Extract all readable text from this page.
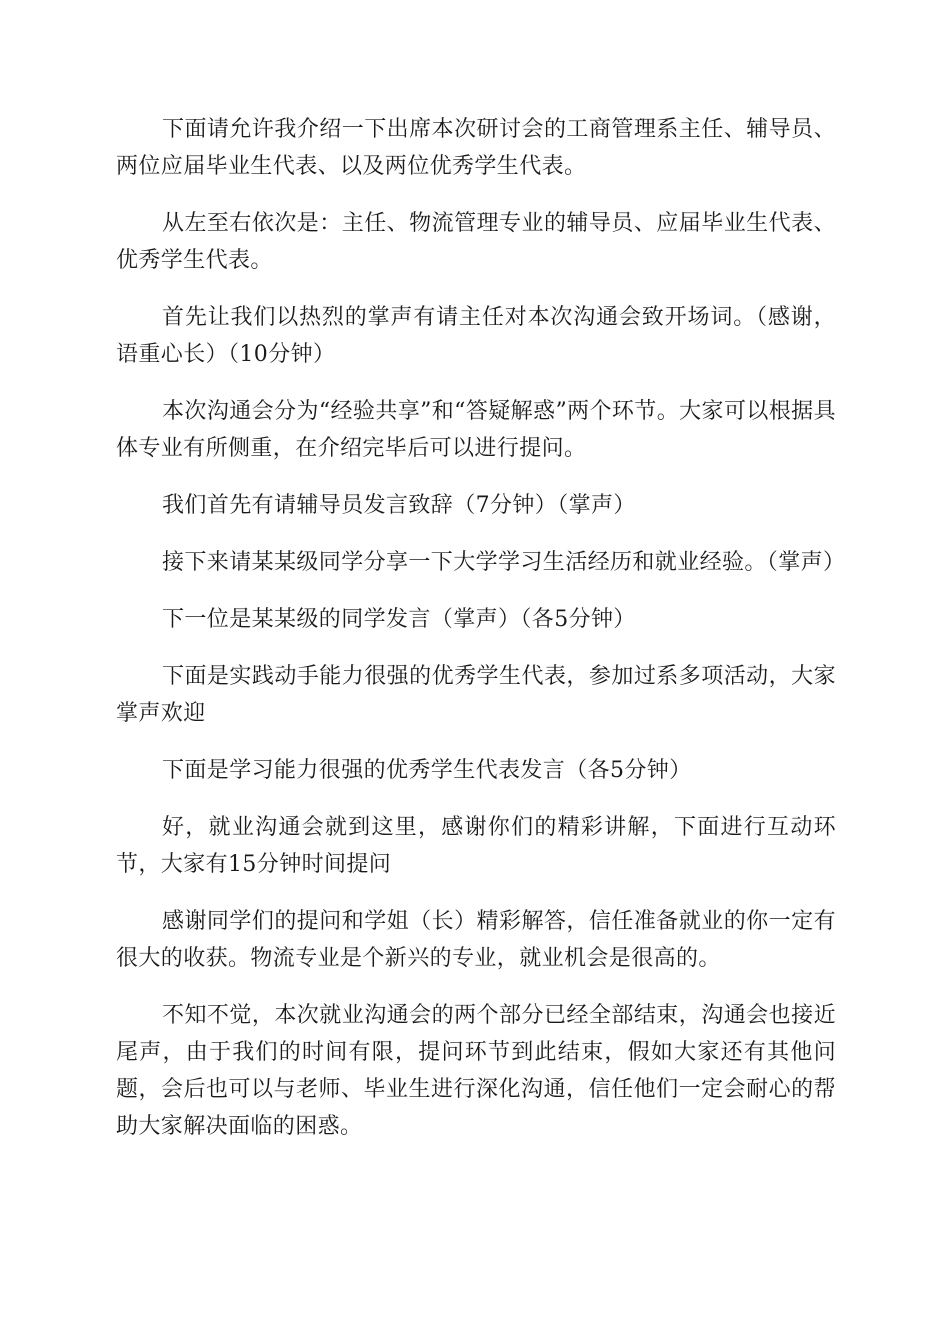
下面请允许我介绍一下出席本次研讨会的工商管理系主任、辅导员、两位应届毕业生代表、以及两位优秀学生代表。

从左至右依次是：主任、物流管理专业的辅导员、应届毕业生代表、优秀学生代表。

首先让我们以热烈的掌声有请主任对本次沟通会致开场词。（感谢，语重心长）（10分钟）

本次沟通会分为“经验共享”和“答疑解惑”两个环节。大家可以根据具体专业有所侧重，在介绍完毕后可以进行提问。

我们首先有请辅导员发言致辞（7分钟）（掌声）

接下来请某某级同学分享一下大学学习生活经历和就业经验。（掌声）

下一位是某某级的同学发言（掌声）（各5分钟）

下面是实践动手能力很强的优秀学生代表，参加过系多项活动，大家掌声欢迎

下面是学习能力很强的优秀学生代表发言（各5分钟）

好，就业沟通会就到这里，感谢你们的精彩讲解，下面进行互动环节，大家有15分钟时间提问

感谢同学们的提问和学姐（长）精彩解答，信任准备就业的你一定有很大的收获。物流专业是个新兴的专业，就业机会是很高的。

不知不觉，本次就业沟通会的两个部分已经全部结束，沟通会也接近尾声，由于我们的时间有限，提问环节到此结束，假如大家还有其他问题，会后也可以与老师、毕业生进行深化沟通，信任他们一定会耐心的帮助大家解决面临的困惑。
